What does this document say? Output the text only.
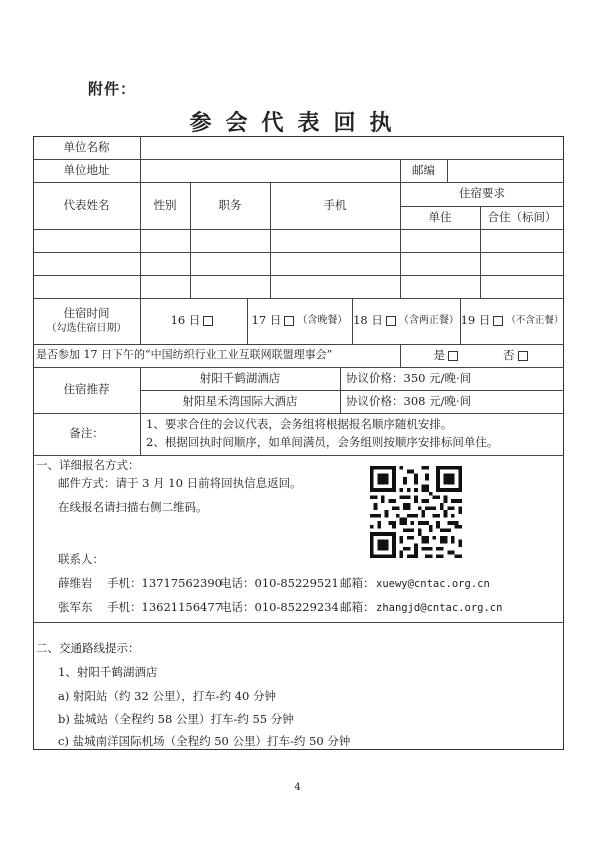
附件：
参会代表回执
单位名称
单位地址	邮编
代表姓名	性别	职务	手机
住宿要求
单住	合住（标间）
住宿时间
（勾选住宿日期）
16 日	17 日 （含晚餐） 18 日 （含两正餐） 19 日 （不含正餐）
是否参加 17 日下午的“中国纺织行业工业互联网联盟理事会”	是	否
住宿推荐
射阳千鹤湖酒店	协议价格：350 元/晚·间
射阳星禾湾国际大酒店	协议价格：308 元/晚·间
备注：
1、要求合住的会议代表，会务组将根据报名顺序随机安排。
2、根据回执时间顺序，如单间满员，会务组则按顺序安排标间单住。
一、详细报名方式：
邮件方式：请于 3 月 10 日前将回执信息返回。
在线报名请扫描右侧二维码。
联系人：
薛维岩 手机：13717562390
电话：010-85229521 邮箱： xuewy@cntac.org.cn
张军东 手机：13621156477
电话：010-85229234 邮箱： zhangjd@cntac.org.cn
二、交通路线提示：
1、射阳千鹤湖酒店
a) 射阳站（约 32 公里），打车-约 40 分钟
b) 盐城站（全程约 58 公里）打车-约 55 分钟
c) 盐城南洋国际机场（全程约 50 公里）打车-约 50 分钟
4
